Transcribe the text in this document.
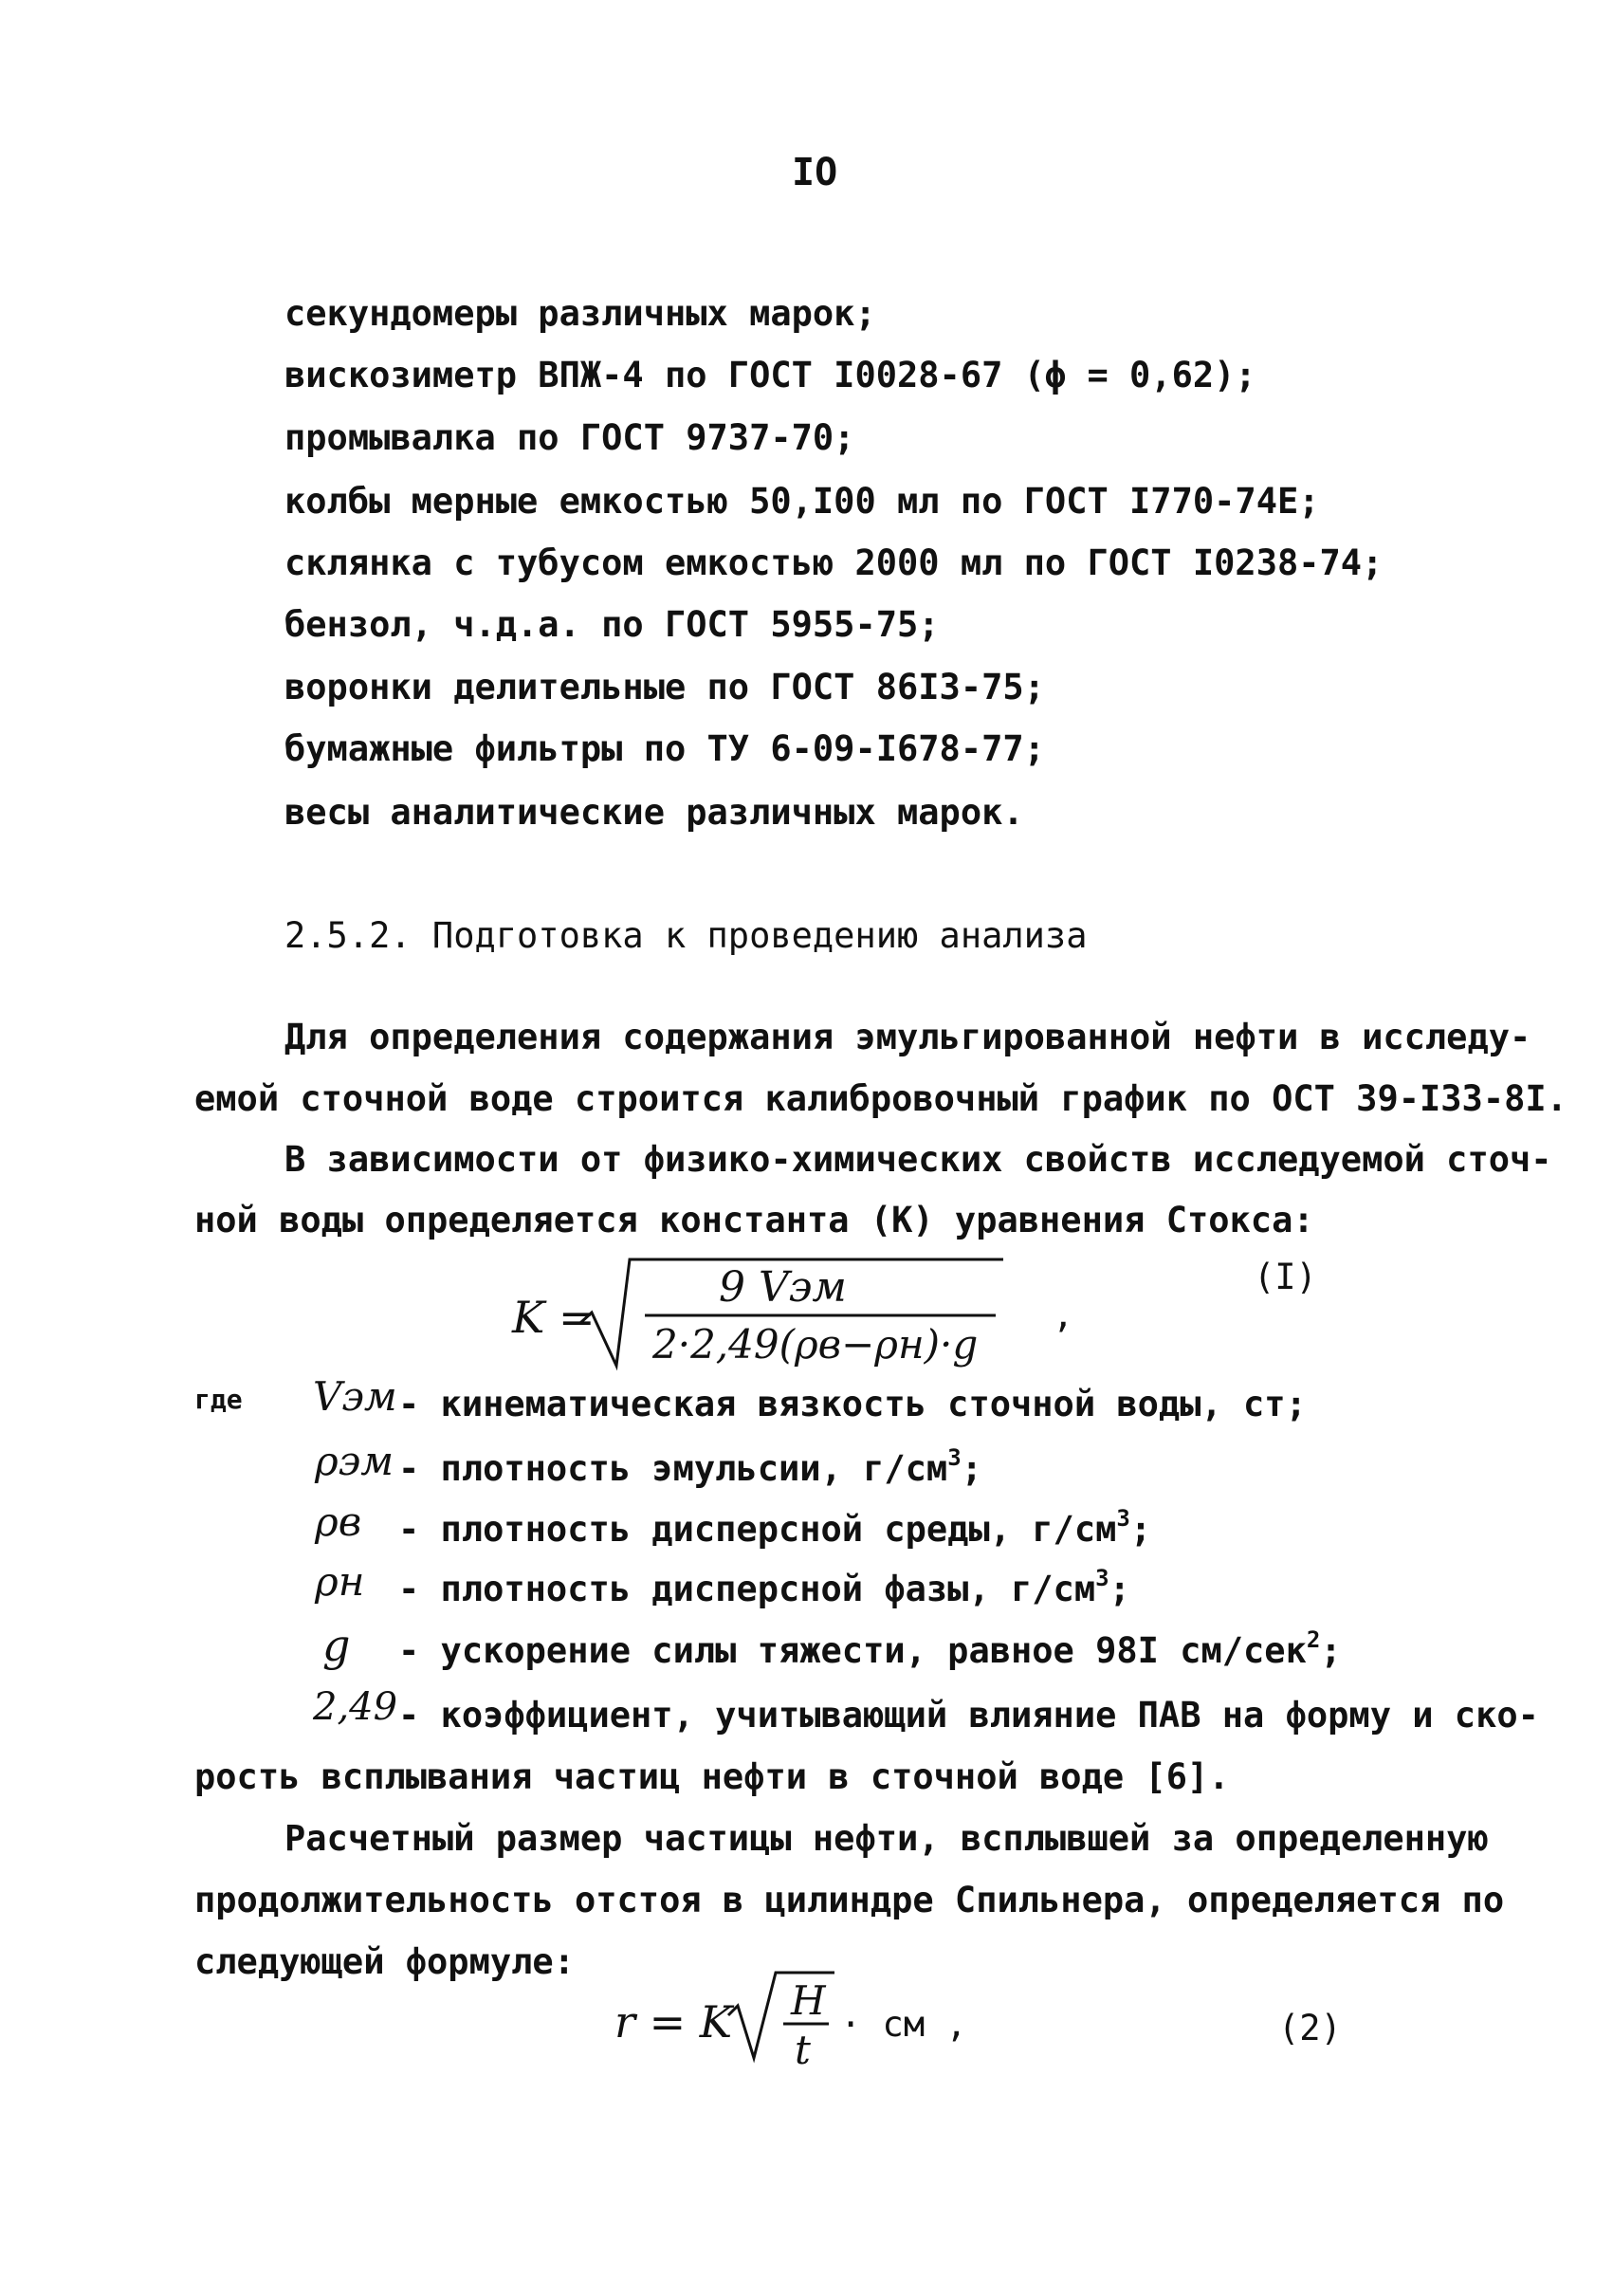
IO
секундомеры различных марок;
вискозиметр ВПЖ-4 по ГОСТ I0028-67 (ϕ = 0,62);
промывалка по ГОСТ 9737-70;
колбы мерные емкостью 50,I00 мл по ГОСТ I770-74Е;
склянка с тубусом емкостью 2000 мл по ГОСТ I0238-74;
бензол, ч.д.а. по ГОСТ 5955-75;
воронки делительные по ГОСТ 86I3-75;
бумажные фильтры по ТУ 6-09-I678-77;
весы аналитические различных марок.
2.5.2. Подготовка к проведению анализа
Для определения содержания эмульгированной нефти в исследу-
емой сточной воде строится калибровочный график по ОСТ 39-I33-8I.
В зависимости от физико-химических свойств исследуемой сточ-
ной воды определяется константа (К) уравнения Стокса:
K =
9 Vэм
2·2,49(ρв−ρн)·g
,
(I)
где Vэм - кинематическая вязкость сточной воды, ст;
ρэм - плотность эмульсии, $г/см^3$;
ρв - плотность дисперсной среды, $г/см^3$;
ρн - плотность дисперсной фазы, $г/см^3$;
g - ускорение силы тяжести, равное 98I см/сек$^2$;
2,49 - коэффициент, учитывающий влияние ПАВ на форму и ско-
рость всплывания частиц нефти в сточной воде [6].
Расчетный размер частицы нефти, всплывшей за определенную
продолжительность отстоя в цилиндре Спильнера, определяется по
следующей формуле:
r = K H
t
· см ,	(2)
